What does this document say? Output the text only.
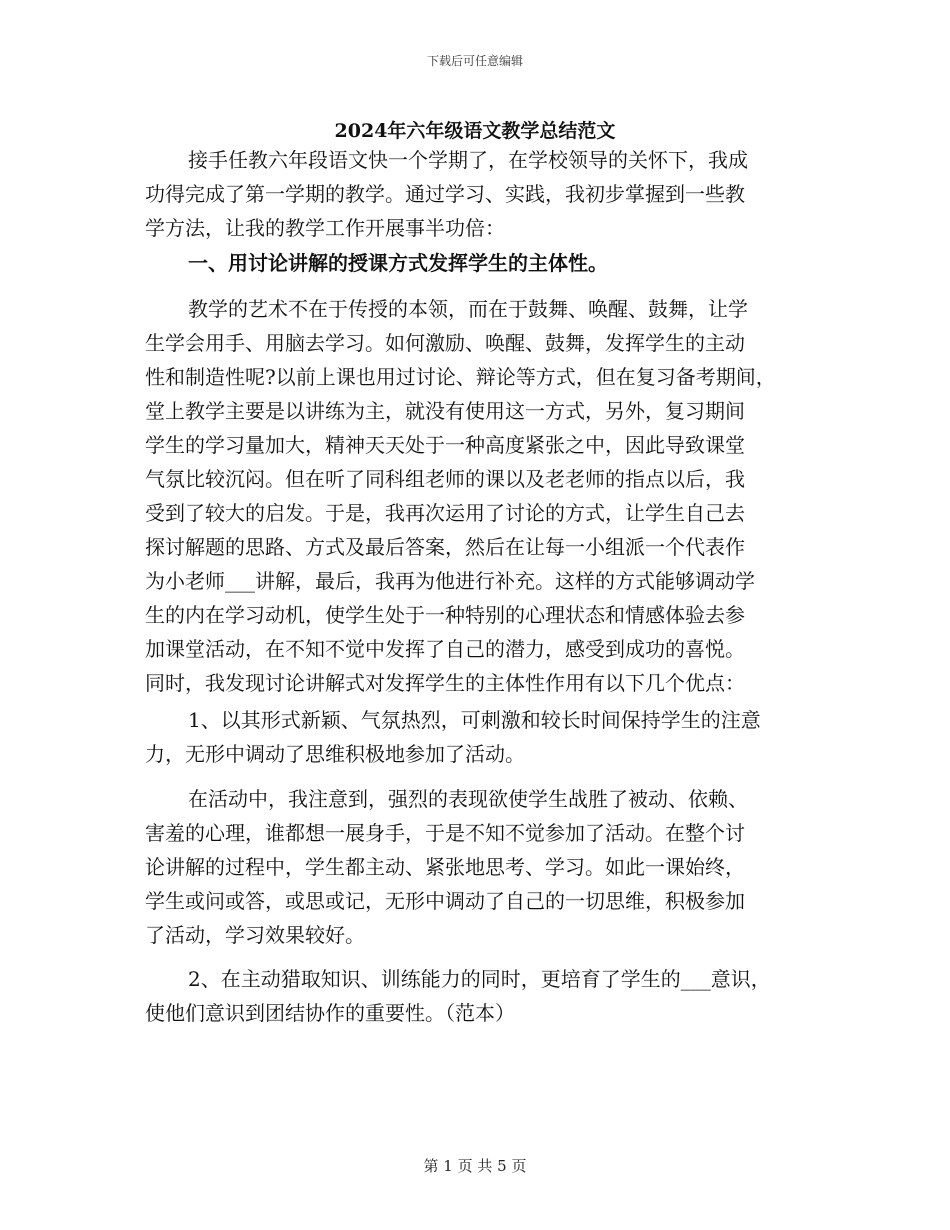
下载后可任意编辑
2024年六年级语文教学总结范文
接手任教六年段语文快一个学期了，在学校领导的关怀下，我成
功得完成了第一学期的教学。通过学习、实践，我初步掌握到一些教
学方法，让我的教学工作开展事半功倍：
一、用讨论讲解的授课方式发挥学生的主体性。
教学的艺术不在于传授的本领，而在于鼓舞、唤醒、鼓舞，让学
生学会用手、用脑去学习。如何激励、唤醒、鼓舞，发挥学生的主动
性和制造性呢?以前上课也用过讨论、辩论等方式，但在复习备考期间，
堂上教学主要是以讲练为主，就没有使用这一方式，另外，复习期间
学生的学习量加大，精神天天处于一种高度紧张之中，因此导致课堂
气氛比较沉闷。但在听了同科组老师的课以及老老师的指点以后，我
受到了较大的启发。于是，我再次运用了讨论的方式，让学生自己去
探讨解题的思路、方式及最后答案，然后在让每一小组派一个代表作
为小老师___讲解，最后，我再为他进行补充。这样的方式能够调动学
生的内在学习动机，使学生处于一种特别的心理状态和情感体验去参
加课堂活动，在不知不觉中发挥了自己的潜力，感受到成功的喜悦。
同时，我发现讨论讲解式对发挥学生的主体性作用有以下几个优点：
1、以其形式新颖、气氛热烈，可刺激和较长时间保持学生的注意
力，无形中调动了思维积极地参加了活动。
在活动中，我注意到，强烈的表现欲使学生战胜了被动、依赖、
害羞的心理，谁都想一展身手，于是不知不觉参加了活动。在整个讨
论讲解的过程中，学生都主动、紧张地思考、学习。如此一课始终，
学生或问或答，或思或记，无形中调动了自己的一切思维，积极参加
了活动，学习效果较好。
2、在主动猎取知识、训练能力的同时，更培育了学生的___意识，
使他们意识到团结协作的重要性。（范本）
第 1 页 共 5 页
